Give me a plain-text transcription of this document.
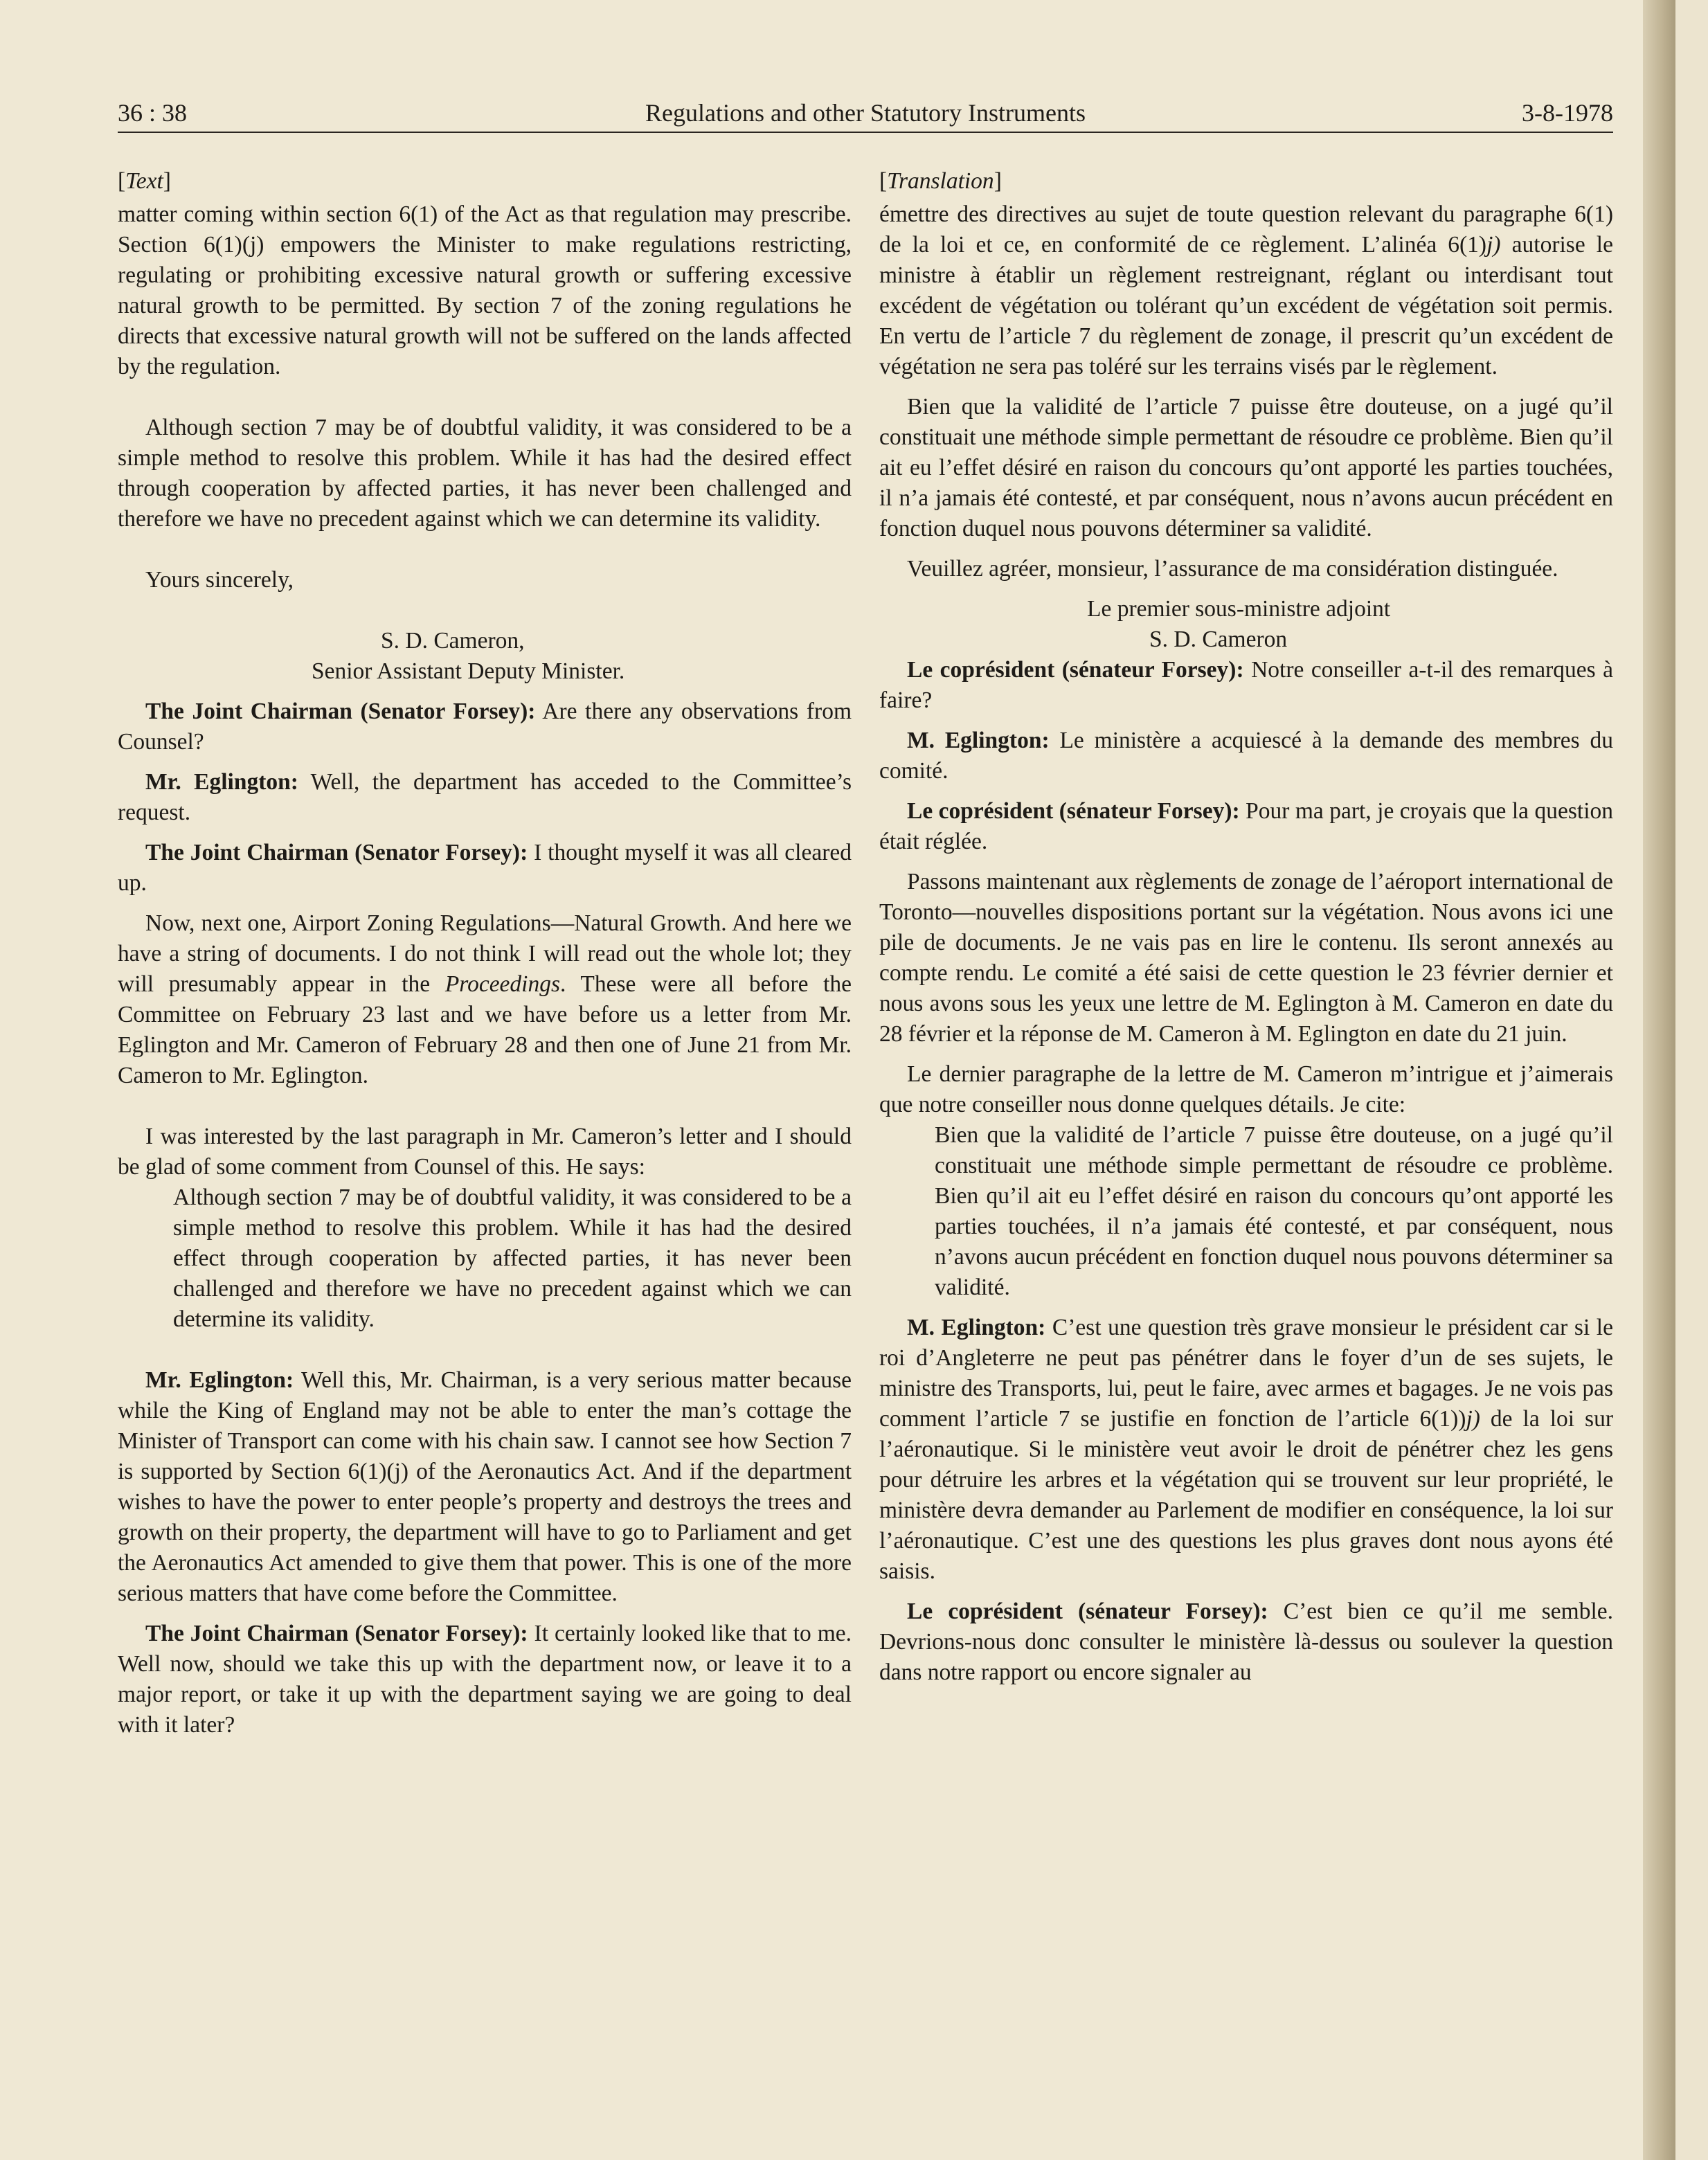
36 : 38	Regulations and other Statutory Instruments	3-8-1978

[Text]

matter coming within section 6(1) of the Act as that regulation may prescribe. Section 6(1)(j) empowers the Minister to make regulations restricting, regulating or prohibiting excessive natural growth or suffering excessive natural growth to be permitted. By section 7 of the zoning regulations he directs that excessive natural growth will not be suffered on the lands affected by the regulation.

Although section 7 may be of doubtful validity, it was considered to be a simple method to resolve this problem. While it has had the desired effect through cooperation by affected parties, it has never been challenged and therefore we have no precedent against which we can determine its validity.

Yours sincerely,

S. D. Cameron,

Senior Assistant Deputy Minister.

The Joint Chairman (Senator Forsey): Are there any observations from Counsel?

Mr. Eglington: Well, the department has acceded to the Committee’s request.

The Joint Chairman (Senator Forsey): I thought myself it was all cleared up.

Now, next one, Airport Zoning Regulations—Natural Growth. And here we have a string of documents. I do not think I will read out the whole lot; they will presumably appear in the Proceedings. These were all before the Committee on February 23 last and we have before us a letter from Mr. Eglington and Mr. Cameron of February 28 and then one of June 21 from Mr. Cameron to Mr. Eglington.

I was interested by the last paragraph in Mr. Cameron’s letter and I should be glad of some comment from Counsel of this. He says:

Although section 7 may be of doubtful validity, it was considered to be a simple method to resolve this problem. While it has had the desired effect through cooperation by affected parties, it has never been challenged and therefore we have no precedent against which we can determine its validity.

Mr. Eglington: Well this, Mr. Chairman, is a very serious matter because while the King of England may not be able to enter the man’s cottage the Minister of Transport can come with his chain saw. I cannot see how Section 7 is supported by Section 6(1)(j) of the Aeronautics Act. And if the department wishes to have the power to enter people’s property and destroys the trees and growth on their property, the department will have to go to Parliament and get the Aeronautics Act amended to give them that power. This is one of the more serious matters that have come before the Committee.

The Joint Chairman (Senator Forsey): It certainly looked like that to me. Well now, should we take this up with the department now, or leave it to a major report, or take it up with the department saying we are going to deal with it later?

[Translation]

émettre des directives au sujet de toute question relevant du paragraphe 6(1) de la loi et ce, en conformité de ce règlement. L’alinéa 6(1)j) autorise le ministre à établir un règlement restreignant, réglant ou interdisant tout excédent de végétation ou tolérant qu’un excédent de végétation soit permis. En vertu de l’article 7 du règlement de zonage, il prescrit qu’un excédent de végétation ne sera pas toléré sur les terrains visés par le règlement.

Bien que la validité de l’article 7 puisse être douteuse, on a jugé qu’il constituait une méthode simple permettant de résoudre ce problème. Bien qu’il ait eu l’effet désiré en raison du concours qu’ont apporté les parties touchées, il n’a jamais été contesté, et par conséquent, nous n’avons aucun précédent en fonction duquel nous pouvons déterminer sa validité.

Veuillez agréer, monsieur, l’assurance de ma considération distinguée.

Le premier sous-ministre adjoint

S. D. Cameron

Le coprésident (sénateur Forsey): Notre conseiller a-t-il des remarques à faire?

M. Eglington: Le ministère a acquiescé à la demande des membres du comité.

Le coprésident (sénateur Forsey): Pour ma part, je croyais que la question était réglée.

Passons maintenant aux règlements de zonage de l’aéroport international de Toronto—nouvelles dispositions portant sur la végétation. Nous avons ici une pile de documents. Je ne vais pas en lire le contenu. Ils seront annexés au compte rendu. Le comité a été saisi de cette question le 23 février dernier et nous avons sous les yeux une lettre de M. Eglington à M. Cameron en date du 28 février et la réponse de M. Cameron à M. Eglington en date du 21 juin.

Le dernier paragraphe de la lettre de M. Cameron m’intrigue et j’aimerais que notre conseiller nous donne quelques détails. Je cite:

Bien que la validité de l’article 7 puisse être douteuse, on a jugé qu’il constituait une méthode simple permettant de résoudre ce problème. Bien qu’il ait eu l’effet désiré en raison du concours qu’ont apporté les parties touchées, il n’a jamais été contesté, et par conséquent, nous n’avons aucun précédent en fonction duquel nous pouvons déterminer sa validité.

M. Eglington: C’est une question très grave monsieur le président car si le roi d’Angleterre ne peut pas pénétrer dans le foyer d’un de ses sujets, le ministre des Transports, lui, peut le faire, avec armes et bagages. Je ne vois pas comment l’article 7 se justifie en fonction de l’article 6(1))j) de la loi sur l’aéronautique. Si le ministère veut avoir le droit de pénétrer chez les gens pour détruire les arbres et la végétation qui se trouvent sur leur propriété, le ministère devra demander au Parlement de modifier en conséquence, la loi sur l’aéronautique. C’est une des questions les plus graves dont nous ayons été saisis.

Le coprésident (sénateur Forsey): C’est bien ce qu’il me semble. Devrions-nous donc consulter le ministère là-dessus ou soulever la question dans notre rapport ou encore signaler au
